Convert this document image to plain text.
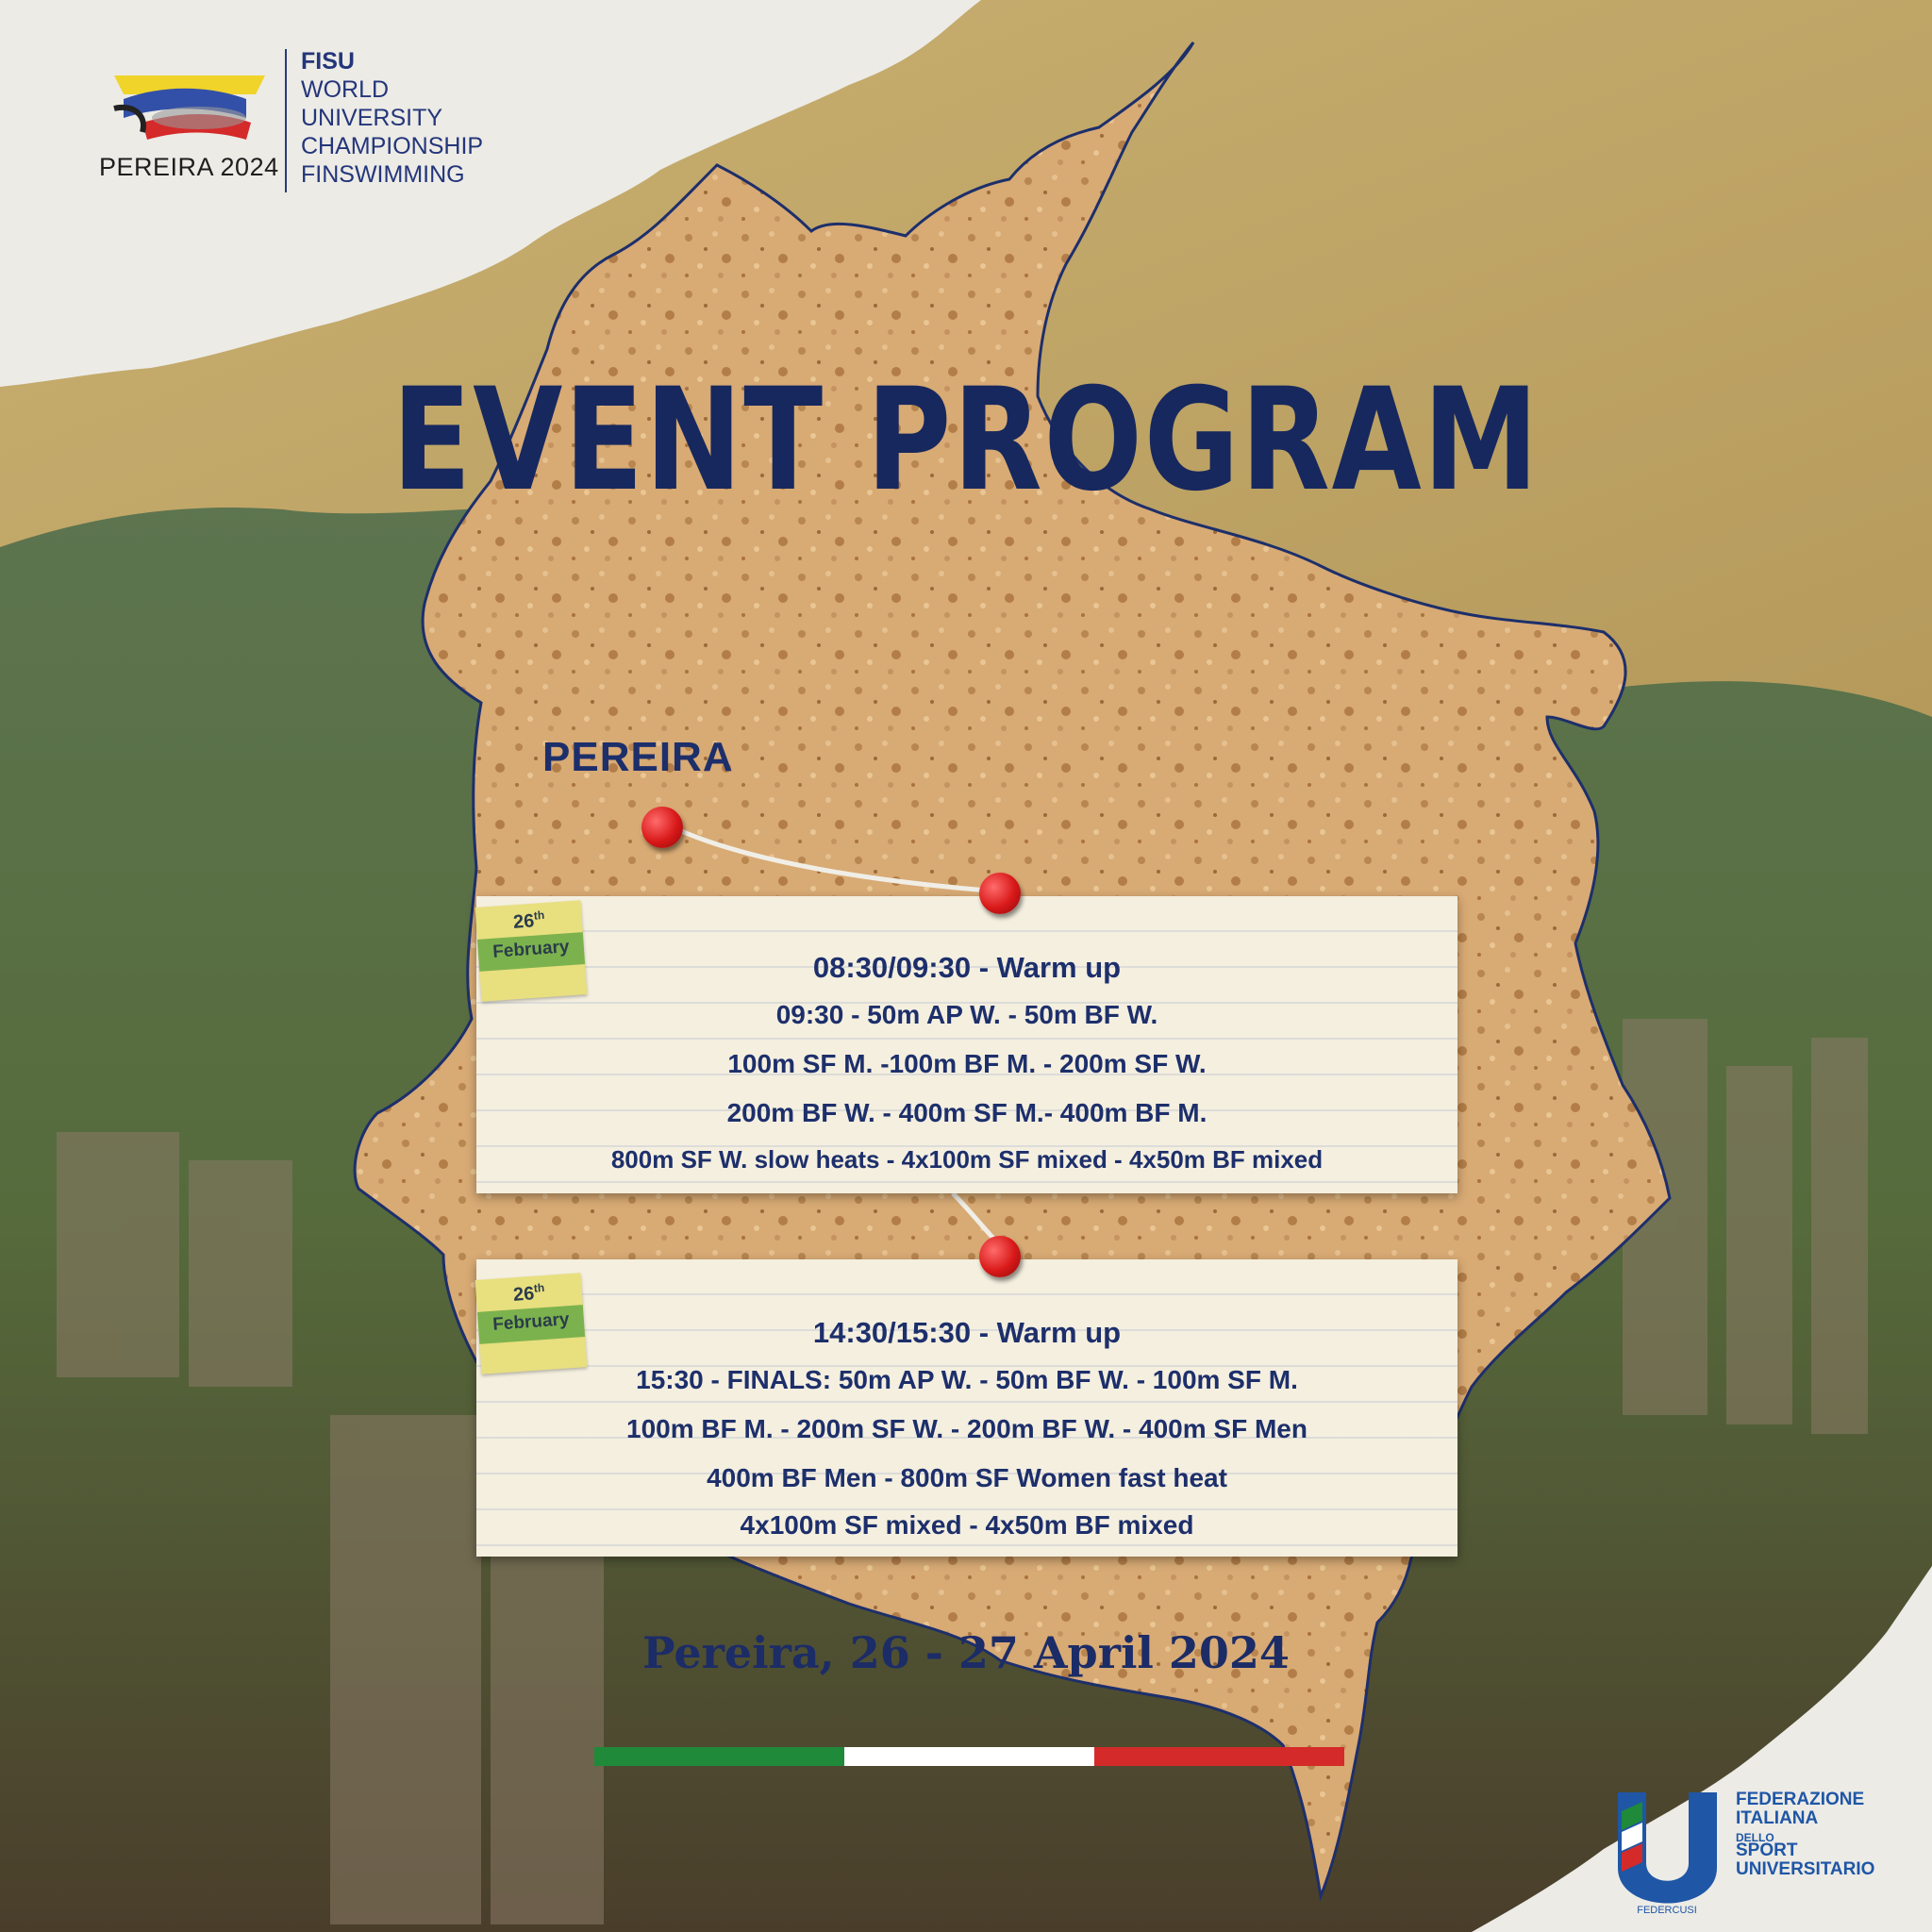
PEREIRA 2024
FISU
WORLD
UNIVERSITY
CHAMPIONSHIP
FINSWIMMING
EVENT PROGRAM
PEREIRA
26th
February
08:30/09:30 - Warm up
09:30 - 50m AP W. - 50m BF W.
100m SF M. -100m BF M. - 200m SF W.
200m BF W. - 400m SF M.- 400m BF M.
800m SF W. slow heats - 4x100m SF mixed - 4x50m BF mixed
26th
February	14:30/15:30 - Warm up
15:30 - FINALS: 50m AP W. - 50m BF W. - 100m SF M.
100m BF M. - 200m SF W. - 200m BF W. - 400m SF Men
400m BF Men - 800m SF Women fast heat
4x100m SF mixed - 4x50m BF mixed
Pereira, 26 - 27 April 2024
FEDERCUSI
FEDERAZIONE
ITALIANA
DELLO
SPORT
UNIVERSITARIO
